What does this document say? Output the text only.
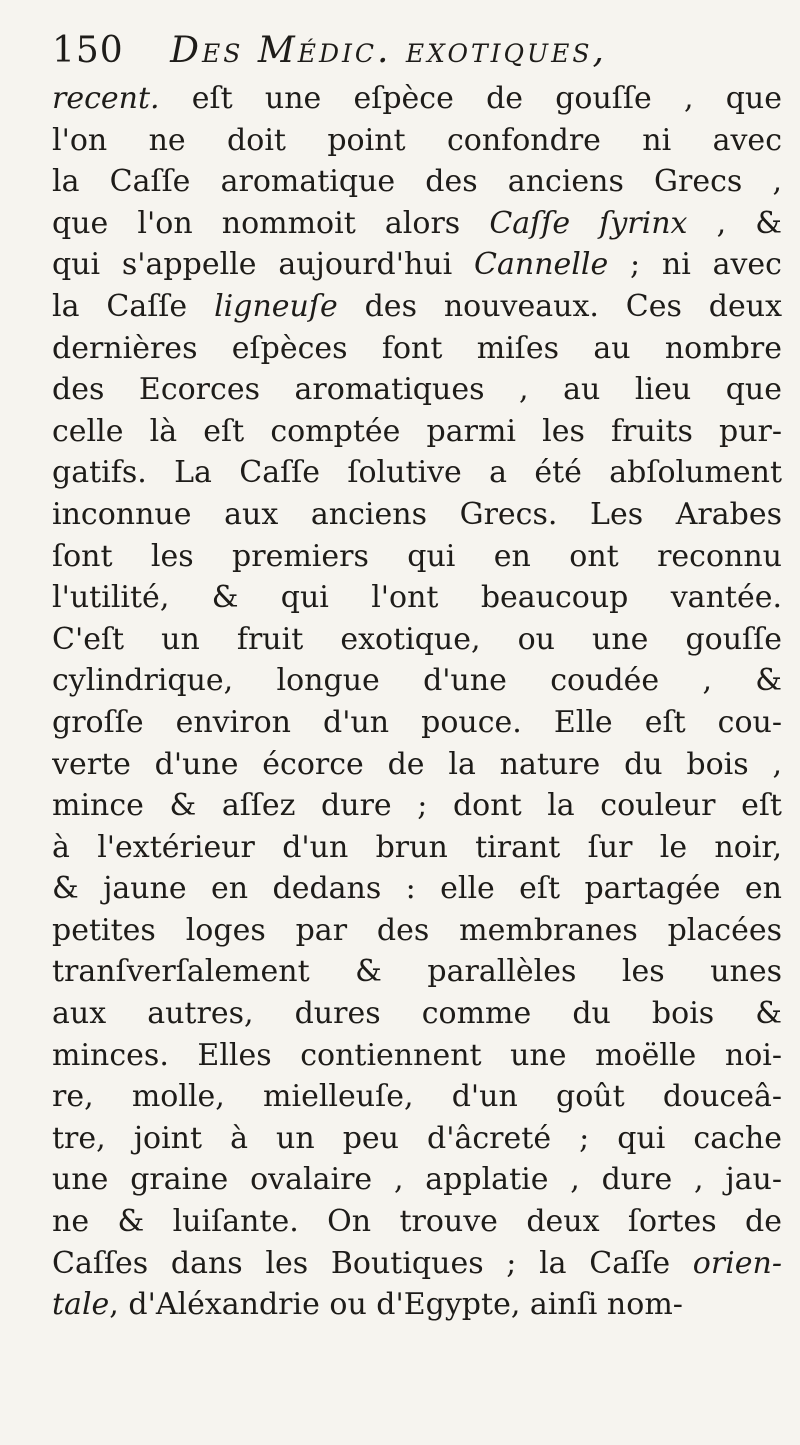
150 Des Médic. exotiques,
recent. eſt une eſpèce de gouſſe , que
l'on ne doit point confondre ni avec
la Caſſe aromatique des anciens Grecs ,
que l'on nommoit alors Caſſe ſyrinx , &
qui s'appelle aujourd'hui Cannelle ; ni avec
la Caſſe ligneuſe des nouveaux. Ces deux
dernières eſpèces font miſes au nombre
des Ecorces aromatiques , au lieu que
celle là eſt comptée parmi les fruits pur-
gatifs. La Caſſe ſolutive a été abſolument
inconnue aux anciens Grecs. Les Arabes
ſont les premiers qui en ont reconnu
l'utilité, & qui l'ont beaucoup vantée.
C'eſt un fruit exotique, ou une gouſſe
cylindrique, longue d'une coudée , &
groſſe environ d'un pouce. Elle eſt cou-
verte d'une écorce de la nature du bois ,
mince & aſſez dure ; dont la couleur eſt
à l'extérieur d'un brun tirant ſur le noir,
& jaune en dedans : elle eſt partagée en
petites loges par des membranes placées
tranſverſalement & parallèles les unes
aux autres, dures comme du bois &
minces. Elles contiennent une moëlle noi-
re, molle, mielleuſe, d'un goût douceâ-
tre, joint à un peu d'âcreté ; qui cache
une graine ovalaire , applatie , dure , jau-
ne & luiſante. On trouve deux ſortes de
Caſſes dans les Boutiques ; la Caſſe orien-
tale, d'Aléxandrie ou d'Egypte, ainſi nom-
